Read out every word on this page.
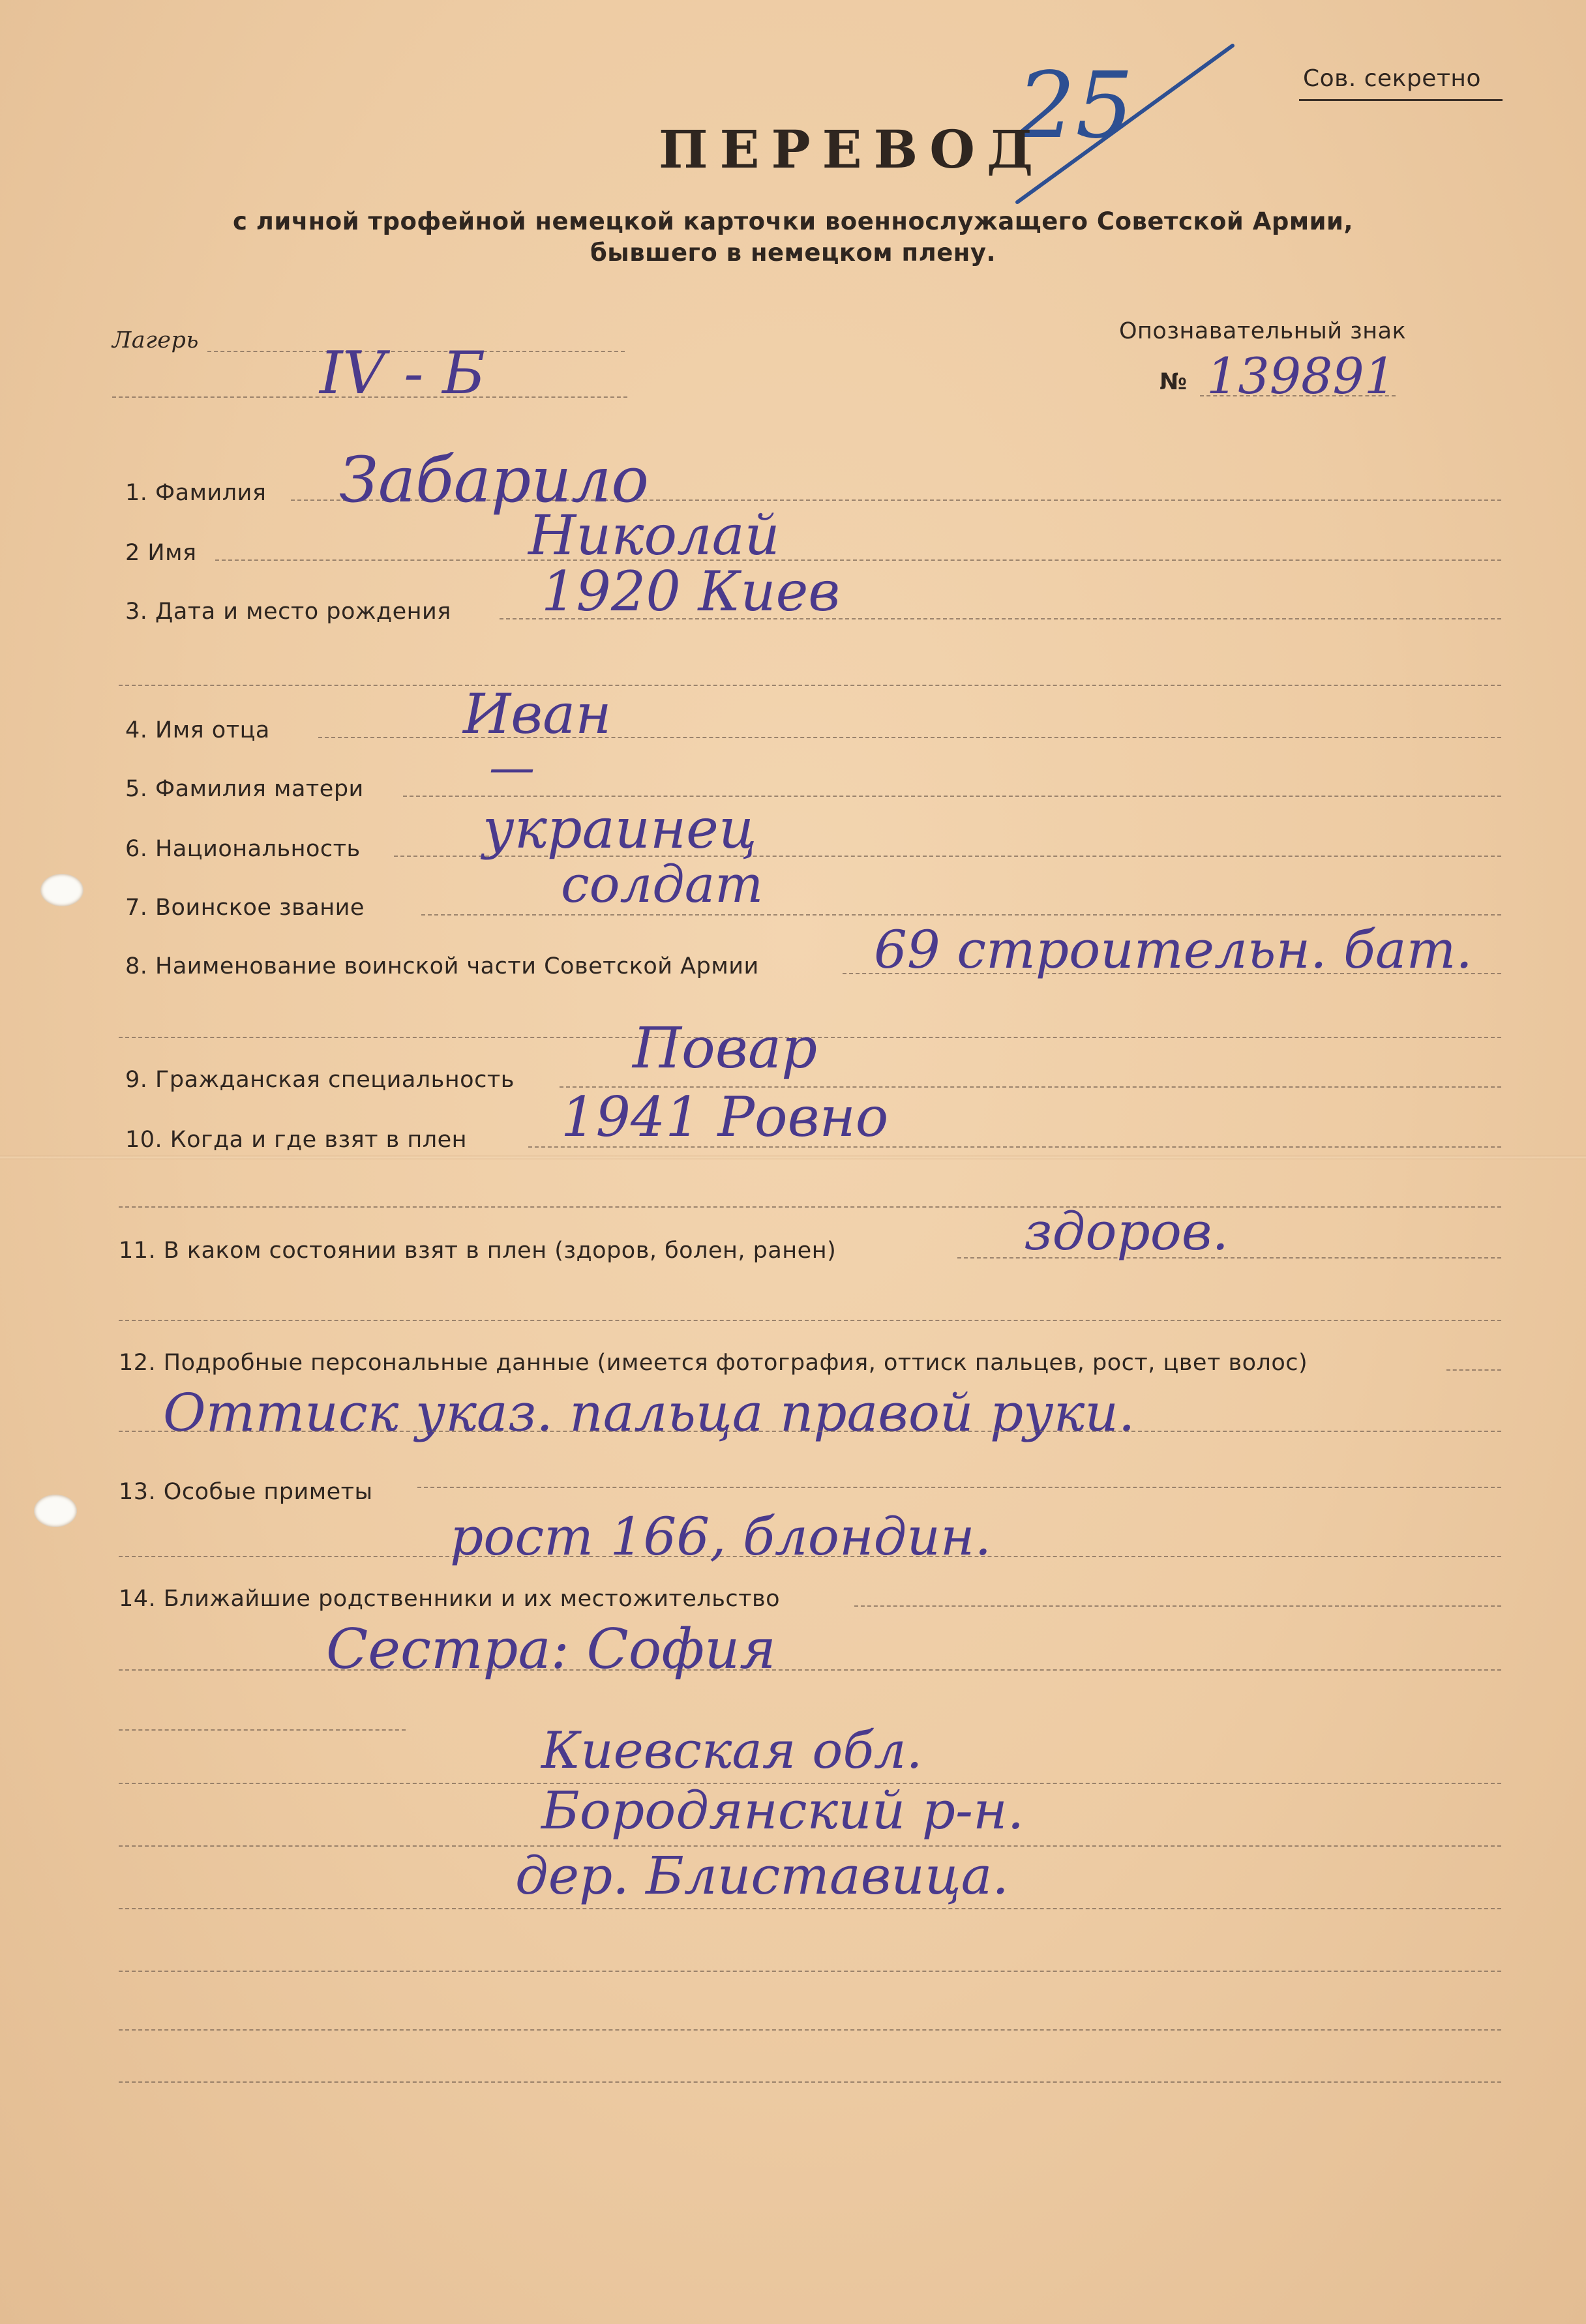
Сов. секретно
25
ПЕРЕВОД
с личной трофейной немецкой карточки военнослужащего Советской Армии,
бывшего в немецком плену.
Лагерь IV - Б
Опознавательный знак
№ 139891
1. Фамилия Забарило
2 Имя	Николай
3. Дата и место рождения 1920 Киев
4. Имя отца	Иван
5. Фамилия матери	—
6. Национальность украинец
7. Воинское звание	солдат
8. Наименование воинской части Советской Армии 69 строительн. бат.
9. Гражданская специальность Повар
10. Когда и где взят в плен 1941 Ровно
11. В каком состоянии взят в плен (здоров, болен, ранен)	здоров.
12. Подробные персональные данные (имеется фотография, оттиск пальцев, рост, цвет волос)
Оттиск указ. пальца правой руки.
13. Особые приметы
рост 166, блондин.
14. Ближайшие родственники и их местожительство
Сестра: София
Киевская обл.
Бородянский р-н.
дер. Блиставица.
